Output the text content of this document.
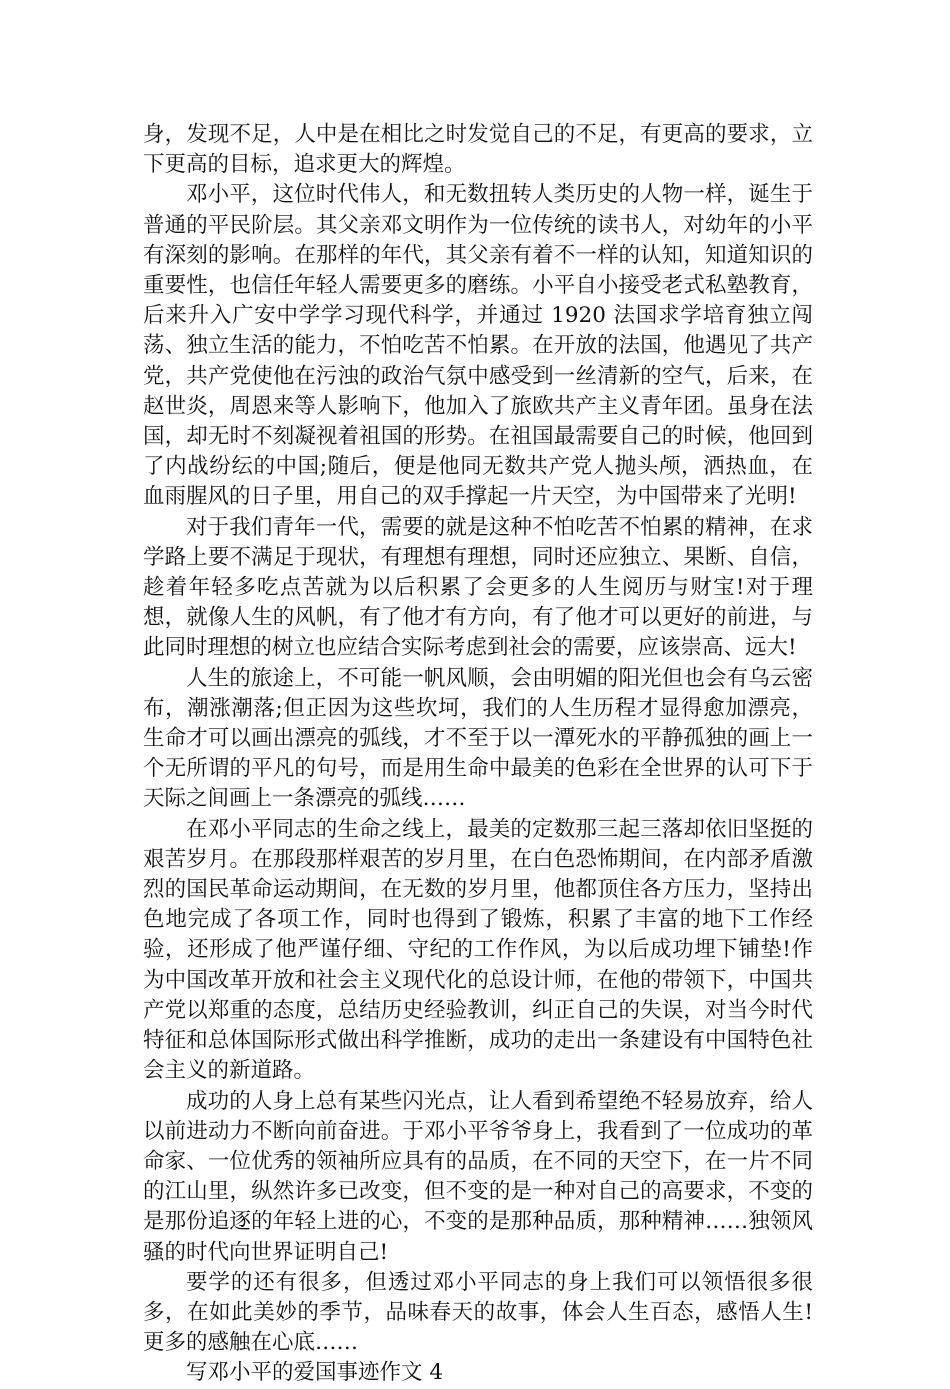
身，发现不足，人中是在相比之时发觉自己的不足，有更高的要求，立下更高的目标，追求更大的辉煌。

邓小平，这位时代伟人，和无数扭转人类历史的人物一样，诞生于普通的平民阶层。其父亲邓文明作为一位传统的读书人，对幼年的小平有深刻的影响。在那样的年代，其父亲有着不一样的认知，知道知识的重要性，也信任年轻人需要更多的磨练。小平自小接受老式私塾教育，后来升入广安中学学习现代科学，并通过 1920 法国求学培育独立闯荡、独立生活的能力，不怕吃苦不怕累。在开放的法国，他遇见了共产党，共产党使他在污浊的政治气氛中感受到一丝清新的空气，后来，在赵世炎，周恩来等人影响下，他加入了旅欧共产主义青年团。虽身在法国，却无时不刻凝视着祖国的形势。在祖国最需要自己的时候，他回到了内战纷纭的中国;随后，便是他同无数共产党人抛头颅，洒热血，在血雨腥风的日子里，用自己的双手撑起一片天空，为中国带来了光明!

对于我们青年一代，需要的就是这种不怕吃苦不怕累的精神，在求学路上要不满足于现状，有理想有理想，同时还应独立、果断、自信，趁着年轻多吃点苦就为以后积累了会更多的人生阅历与财宝!对于理想，就像人生的风帆，有了他才有方向，有了他才可以更好的前进，与此同时理想的树立也应结合实际考虑到社会的需要，应该崇高、远大!

人生的旅途上，不可能一帆风顺，会由明媚的阳光但也会有乌云密布，潮涨潮落;但正因为这些坎坷，我们的人生历程才显得愈加漂亮，生命才可以画出漂亮的弧线，才不至于以一潭死水的平静孤独的画上一个无所谓的平凡的句号，而是用生命中最美的色彩在全世界的认可下于天际之间画上一条漂亮的弧线……

在邓小平同志的生命之线上，最美的定数那三起三落却依旧坚挺的艰苦岁月。在那段那样艰苦的岁月里，在白色恐怖期间，在内部矛盾激烈的国民革命运动期间，在无数的岁月里，他都顶住各方压力，坚持出色地完成了各项工作，同时也得到了锻炼，积累了丰富的地下工作经验，还形成了他严谨仔细、守纪的工作作风，为以后成功埋下铺垫!作为中国改革开放和社会主义现代化的总设计师，在他的带领下，中国共产党以郑重的态度，总结历史经验教训，纠正自己的失误，对当今时代特征和总体国际形式做出科学推断，成功的走出一条建设有中国特色社会主义的新道路。

成功的人身上总有某些闪光点，让人看到希望绝不轻易放弃，给人以前进动力不断向前奋进。于邓小平爷爷身上，我看到了一位成功的革命家、一位优秀的领袖所应具有的品质，在不同的天空下，在一片不同的江山里，纵然许多已改变，但不变的是一种对自己的高要求，不变的是那份追逐的年轻上进的心，不变的是那种品质，那种精神……独领风骚的时代向世界证明自己!

要学的还有很多，但透过邓小平同志的身上我们可以领悟很多很多，在如此美妙的季节，品味春天的故事，体会人生百态，感悟人生!更多的感触在心底……

写邓小平的爱国事迹作文 4
